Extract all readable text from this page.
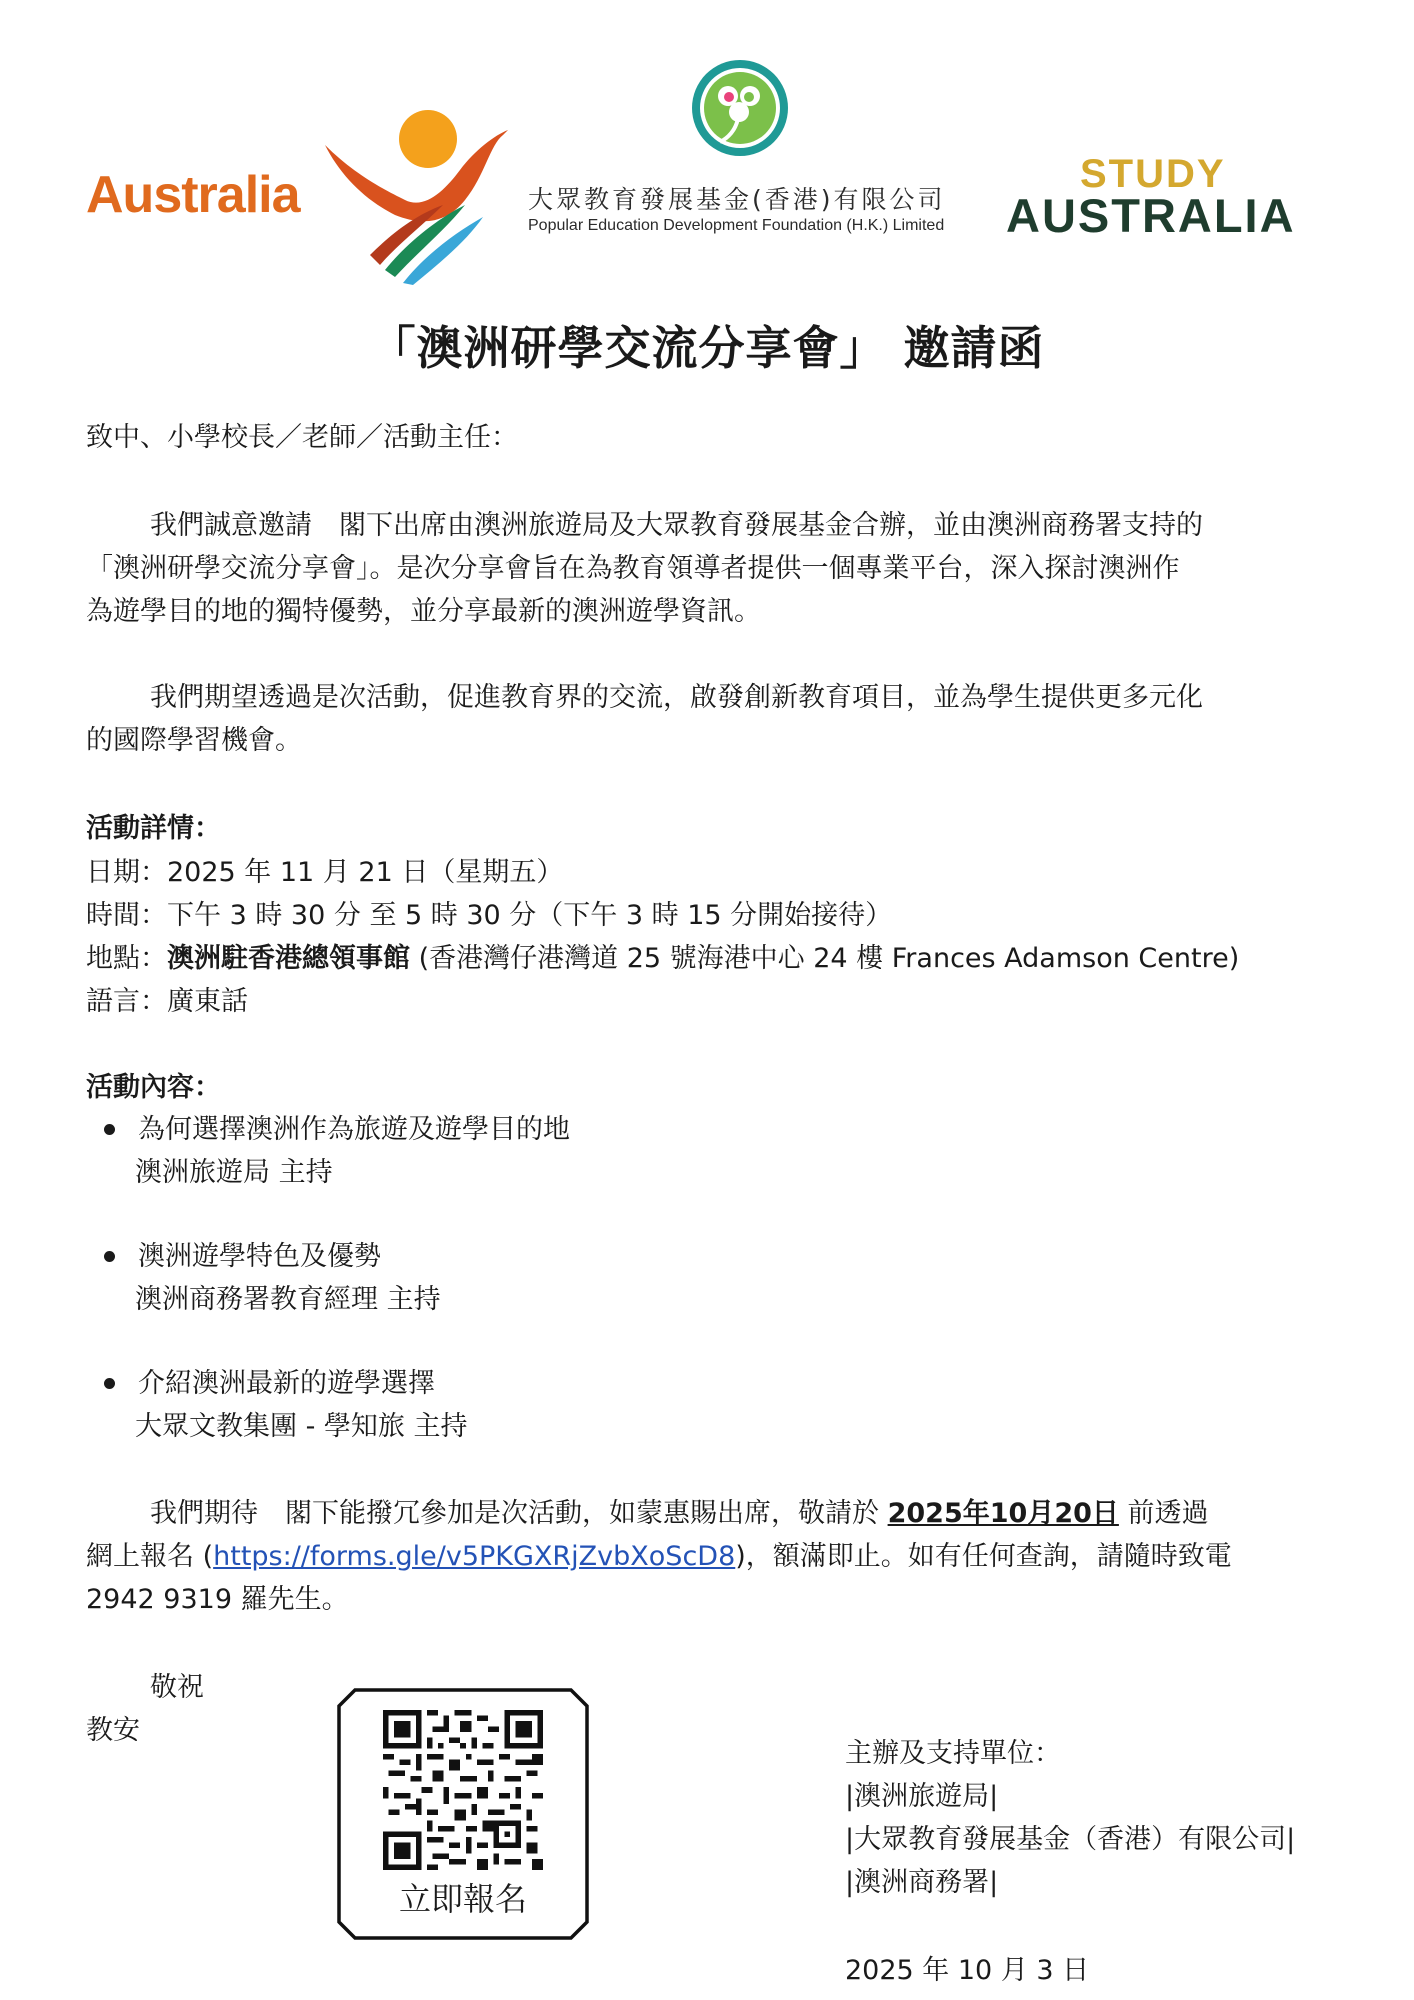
Australia	大眾教育發展基金(香港)有限公司
Popular Education Development Foundation (H.K.) Limited
STUDY
AUSTRALIA
「澳洲研學交流分享會」 邀請函
致中、小學校長／老師／活動主任：
我們誠意邀請　閣下出席由澳洲旅遊局及大眾教育發展基金合辦，並由澳洲商務署支持的
「澳洲研學交流分享會」。是次分享會旨在為教育領導者提供一個專業平台，深入探討澳洲作
為遊學目的地的獨特優勢，並分享最新的澳洲遊學資訊。
我們期望透過是次活動，促進教育界的交流，啟發創新教育項目，並為學生提供更多元化
的國際學習機會。
活動詳情：
日期：2025 年 11 月 21 日（星期五）
時間：下午 3 時 30 分 至 5 時 30 分（下午 3 時 15 分開始接待）
地點：澳洲駐香港總領事館 (香港灣仔港灣道 25 號海港中心 24 樓 Frances Adamson Centre)
語言：廣東話
活動內容：
為何選擇澳洲作為旅遊及遊學目的地
澳洲旅遊局 主持
澳洲遊學特色及優勢
澳洲商務署教育經理 主持
介紹澳洲最新的遊學選擇
大眾文教集團 - 學知旅 主持
我們期待　閣下能撥冗參加是次活動，如蒙惠賜出席，敬請於 2025年10月20日 前透過
網上報名 (https://forms.gle/v5PKGXRjZvbXoScD8)，額滿即止。如有任何查詢，請隨時致電
2942 9319 羅先生。
敬祝
教安
立即報名
主辦及支持單位：
|澳洲旅遊局|
|大眾教育發展基金（香港）有限公司|
|澳洲商務署|
2025 年 10 月 3 日
